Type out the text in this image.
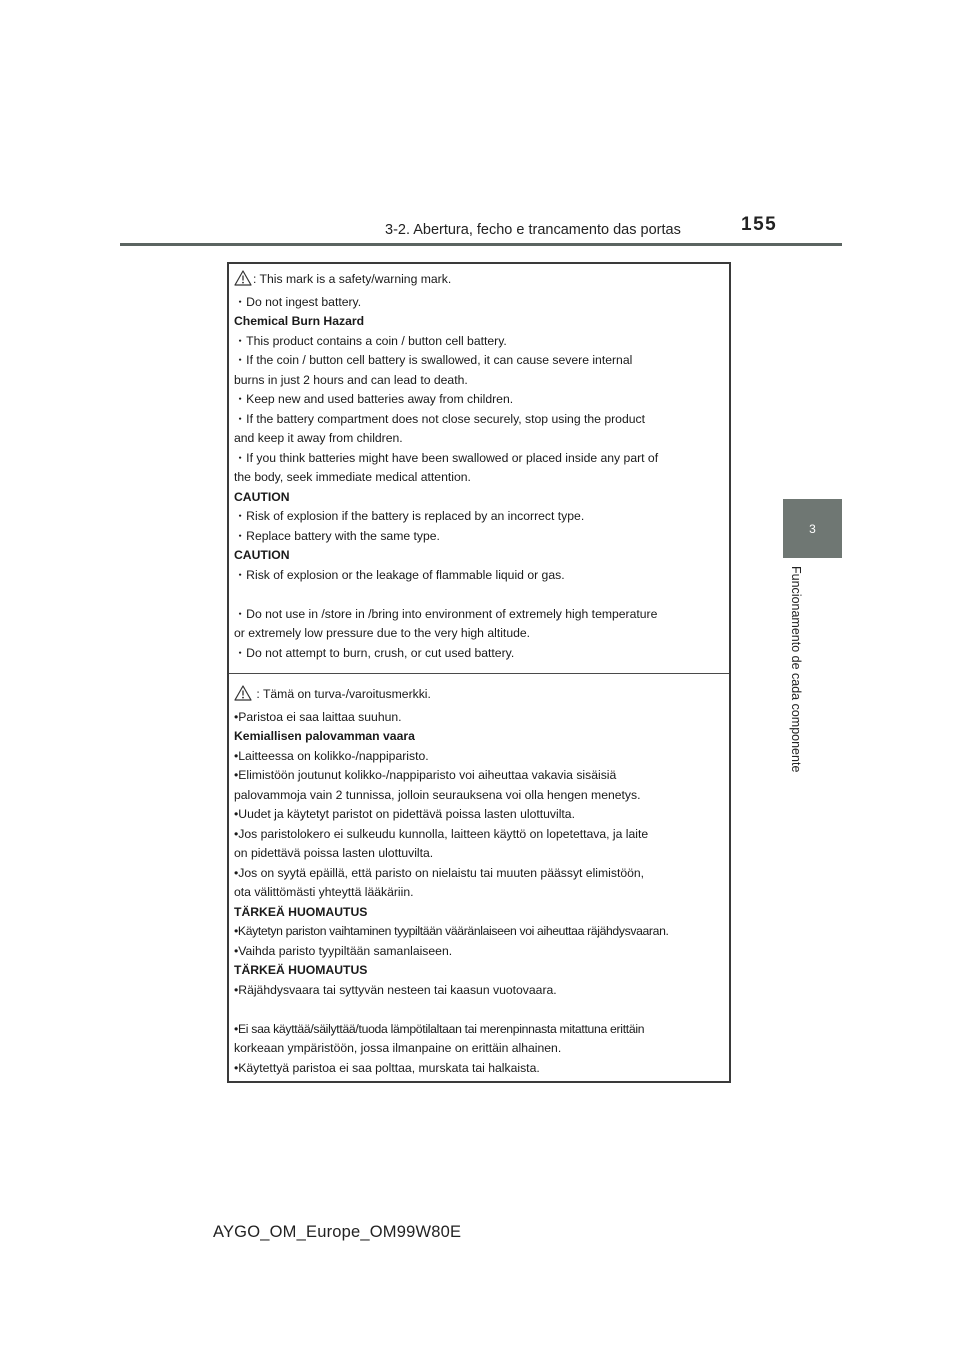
3-2. Abertura, fecho e trancamento das portas	155
3
Funcionamento de cada componente
: This mark is a safety/warning mark.
・Do not ingest battery.
Chemical Burn Hazard
・This product contains a coin / button cell battery.
・If the coin / button cell battery is swallowed, it can cause severe internal
burns in just 2 hours and can lead to death.
・Keep new and used batteries away from children.
・If the battery compartment does not close securely, stop using the product
and keep it away from children.
・If you think batteries might have been swallowed or placed inside any part of
the body, seek immediate medical attention.
CAUTION
・Risk of explosion if the battery is replaced by an incorrect type.
・Replace battery with the same type.
CAUTION
・Risk of explosion or the leakage of flammable liquid or gas.
・Do not use in /store in /bring into environment of extremely high temperature
or extremely low pressure due to the very high altitude.
・Do not attempt to burn, crush, or cut used battery.
: Tämä on turva-/varoitusmerkki.
•Paristoa ei saa laittaa suuhun.
Kemiallisen palovamman vaara
•Laitteessa on kolikko-/nappiparisto.
•Elimistöön joutunut kolikko-/nappiparisto voi aiheuttaa vakavia sisäisiä
palovammoja vain 2 tunnissa, jolloin seurauksena voi olla hengen menetys.
•Uudet ja käytetyt paristot on pidettävä poissa lasten ulottuvilta.
•Jos paristolokero ei sulkeudu kunnolla, laitteen käyttö on lopetettava, ja laite
on pidettävä poissa lasten ulottuvilta.
•Jos on syytä epäillä, että paristo on nielaistu tai muuten päässyt elimistöön,
ota välittömästi yhteyttä lääkäriin.
TÄRKEÄ HUOMAUTUS
•Käytetyn pariston vaihtaminen tyypiltään vääränlaiseen voi aiheuttaa räjähdysvaaran.
•Vaihda paristo tyypiltään samanlaiseen.
TÄRKEÄ HUOMAUTUS
•Räjähdysvaara tai syttyvän nesteen tai kaasun vuotovaara.
•Ei saa käyttää/säilyttää/tuoda lämpötilaltaan tai merenpinnasta mitattuna erittäin
korkeaan ympäristöön, jossa ilmanpaine on erittäin alhainen.
•Käytettyä paristoa ei saa polttaa, murskata tai halkaista.
AYGO_OM_Europe_OM99W80E
